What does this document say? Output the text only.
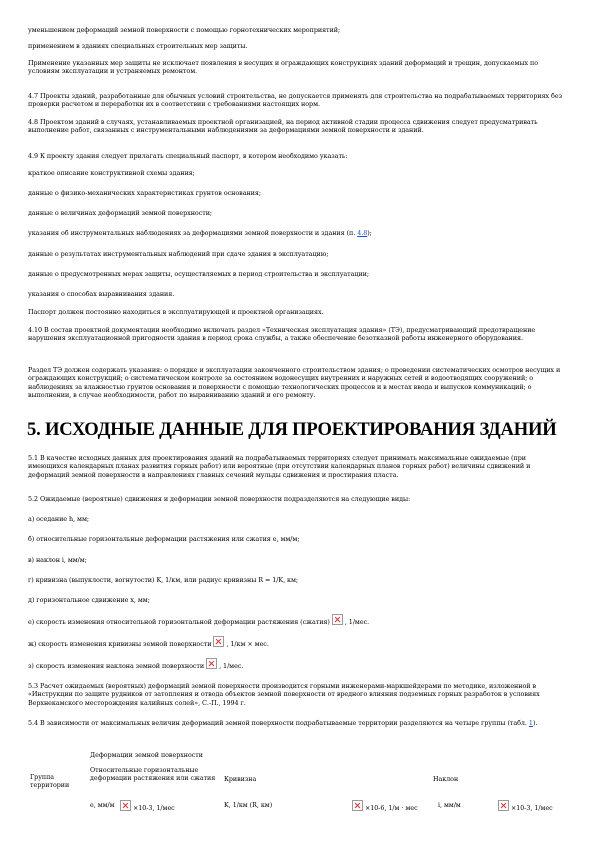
уменьшением деформаций земной поверхности с помощью горнотехнических мероприятий;

применением в зданиях специальных строительных мер защиты.

Применение указанных мер защиты не исключает появления в несущих и ограждающих конструкциях зданий деформаций и трещин, допускаемых по условиям эксплуатации и устраняемых ремонтом.

4.7 Проекты зданий, разработанные для обычных условий строительства, не допускается применять для строительства на подрабатываемых территориях без проверки расчетом и переработки их в соответствии с требованиями настоящих норм.

4.8 Проектом зданий в случаях, устанавливаемых проектной организацией, на период активной стадии процесса сдвижения следует предусматривать выполнение работ, связанных с инструментальными наблюдениями за деформациями земной поверхности и зданий.

4.9 К проекту здания следует прилагать специальный паспорт, в котором необходимо указать:

краткое описание конструктивной схемы здания;

данные о физико-механических характеристиках грунтов основания;

данные о величинах деформаций земной поверхности;

указания об инструментальных наблюдениях за деформациями земной поверхности и здания (п. 4.8);

данные о результатах инструментальных наблюдений при сдаче здания в эксплуатацию;

данные о предусмотренных мерах защиты, осуществляемых в период строительства и эксплуатации;

указания о способах выравнивания здания.

Паспорт должен постоянно находиться в эксплуатирующей и проектной организациях.

4.10 В состав проектной документации необходимо включать раздел «Техническая эксплуатация здания» (ТЭ), предусматривающий предотвращение нарушения эксплуатационной пригодности здания в период срока службы, а также обеспечение безотказной работы инженерного оборудования.

Раздел ТЭ должен содержать указания: о порядке и эксплуатации законченного строительством здания; о проведении систематических осмотров несущих и ограждающих конструкций; о систематическом контроле за состоянием водонесущих внутренних и наружных сетей и водоотводящих сооружений; о наблюдениях за влажностью грунтов основания и поверхности с помощью технологических процессов и в местах ввода и выпусков коммуникаций; о выполнении, в случае необходимости, работ по выравниванию зданий и его ремонту.

5. ИСХОДНЫЕ ДАННЫЕ ДЛЯ ПРОЕКТИРОВАНИЯ ЗДАНИЙ

5.1 В качестве исходных данных для проектирования зданий на подрабатываемых территориях следует принимать максимальные ожидаемые (при имеющихся календарных планах развития горных работ) или вероятные (при отсутствии календарных планов горных работ) величины сдвижений и деформаций земной поверхности в направлениях главных сечений мульды сдвижения и простирания пласта.

5.2 Ожидаемые (вероятные) сдвижения и деформации земной поверхности подразделяются на следующие виды:

а) оседание h, мм;

б) относительные горизонтальные деформации растяжения или сжатия e, мм/м;

в) наклон i, мм/м;

г) кривизна (выпуклости, вогнутости) K, 1/км, или радиус кривизны R = 1/K, км;

д) горизонтальное сдвижение x, мм;

е) скорость изменения относительной горизонтальной деформации растяжения (сжатия) , 1/мес.

ж) скорость изменения кривизны земной поверхности , 1/км × мес.

з) скорость изменения наклона земной поверхности , 1/мес.

5.3 Расчет ожидаемых (вероятных) деформаций земной поверхности производится горными инженерами-маркшейдерами по методике, изложенной в «Инструкции по защите рудников от затопления и отвода объектов земной поверхности от вредного влияния подземных горных разработок в условиях Верхнекамского месторождения калийных солей», С.-П., 1994 г.

5.4 В зависимости от максимальных величин деформаций земной поверхности подрабатываемые территории разделяются на четыре группы (табл. 1).

Группа территории
Деформации земной поверхности
Относительные горизонтальные деформации растяжения или сжатия	Кривизна	Наклон
e, мм/м	×10-3, 1/мес	K, 1/км (R, км)	×10-6, 1/м · мес	i, мм/м	×10-3, 1/мес
